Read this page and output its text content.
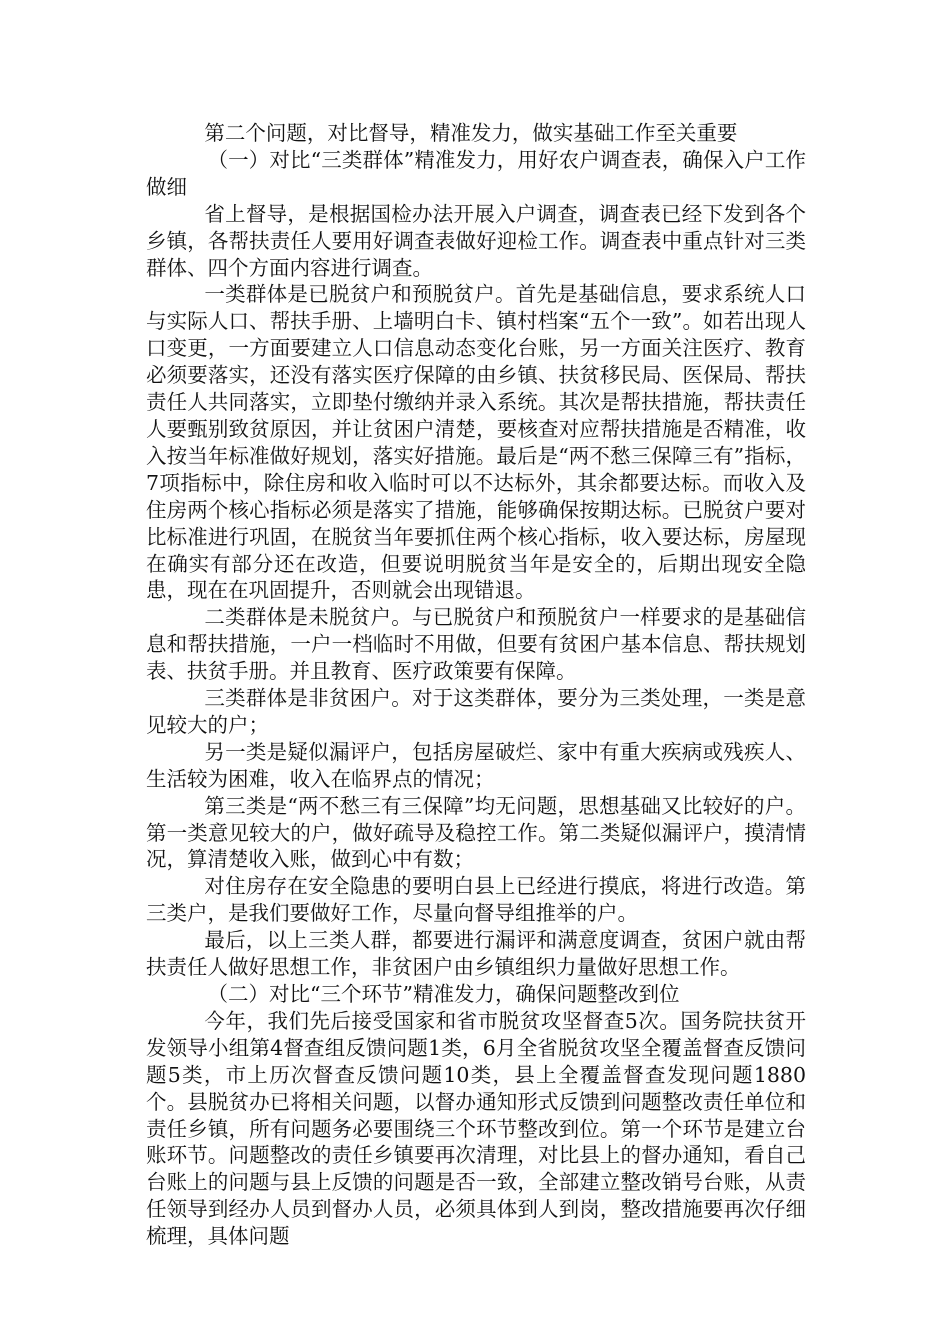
第二个问题，对比督导，精准发力，做实基础工作至关重要

（一）对比“三类群体”精准发力，用好农户调查表，确保入户工作做细

省上督导，是根据国检办法开展入户调查，调查表已经下发到各个乡镇，各帮扶责任人要用好调查表做好迎检工作。调查表中重点针对三类群体、四个方面内容进行调查。

一类群体是已脱贫户和预脱贫户。首先是基础信息，要求系统人口与实际人口、帮扶手册、上墙明白卡、镇村档案“五个一致”。如若出现人口变更，一方面要建立人口信息动态变化台账，另一方面关注医疗、教育必须要落实，还没有落实医疗保障的由乡镇、扶贫移民局、医保局、帮扶责任人共同落实，立即垫付缴纳并录入系统。其次是帮扶措施，帮扶责任人要甄别致贫原因，并让贫困户清楚，要核查对应帮扶措施是否精准，收入按当年标准做好规划，落实好措施。最后是“两不愁三保障三有”指标，7项指标中，除住房和收入临时可以不达标外，其余都要达标。而收入及住房两个核心指标必须是落实了措施，能够确保按期达标。已脱贫户要对比标准进行巩固，在脱贫当年要抓住两个核心指标，收入要达标，房屋现在确实有部分还在改造，但要说明脱贫当年是安全的，后期出现安全隐患，现在在巩固提升，否则就会出现错退。

二类群体是未脱贫户。与已脱贫户和预脱贫户一样要求的是基础信息和帮扶措施，一户一档临时不用做，但要有贫困户基本信息、帮扶规划表、扶贫手册。并且教育、医疗政策要有保障。

三类群体是非贫困户。对于这类群体，要分为三类处理，一类是意见较大的户；

另一类是疑似漏评户，包括房屋破烂、家中有重大疾病或残疾人、生活较为困难，收入在临界点的情况；

第三类是“两不愁三有三保障”均无问题，思想基础又比较好的户。第一类意见较大的户，做好疏导及稳控工作。第二类疑似漏评户，摸清情况，算清楚收入账，做到心中有数；

对住房存在安全隐患的要明白县上已经进行摸底，将进行改造。第三类户，是我们要做好工作，尽量向督导组推举的户。

最后，以上三类人群，都要进行漏评和满意度调查，贫困户就由帮扶责任人做好思想工作，非贫困户由乡镇组织力量做好思想工作。

（二）对比“三个环节”精准发力，确保问题整改到位

今年，我们先后接受国家和省市脱贫攻坚督查5次。国务院扶贫开发领导小组第4督查组反馈问题1类，6月全省脱贫攻坚全覆盖督查反馈问题5类，市上历次督查反馈问题10类，县上全覆盖督查发现问题1880个。县脱贫办已将相关问题，以督办通知形式反馈到问题整改责任单位和责任乡镇，所有问题务必要围绕三个环节整改到位。第一个环节是建立台账环节。问题整改的责任乡镇要再次清理，对比县上的督办通知，看自己台账上的问题与县上反馈的问题是否一致，全部建立整改销号台账，从责任领导到经办人员到督办人员，必须具体到人到岗，整改措施要再次仔细梳理，具体问题
